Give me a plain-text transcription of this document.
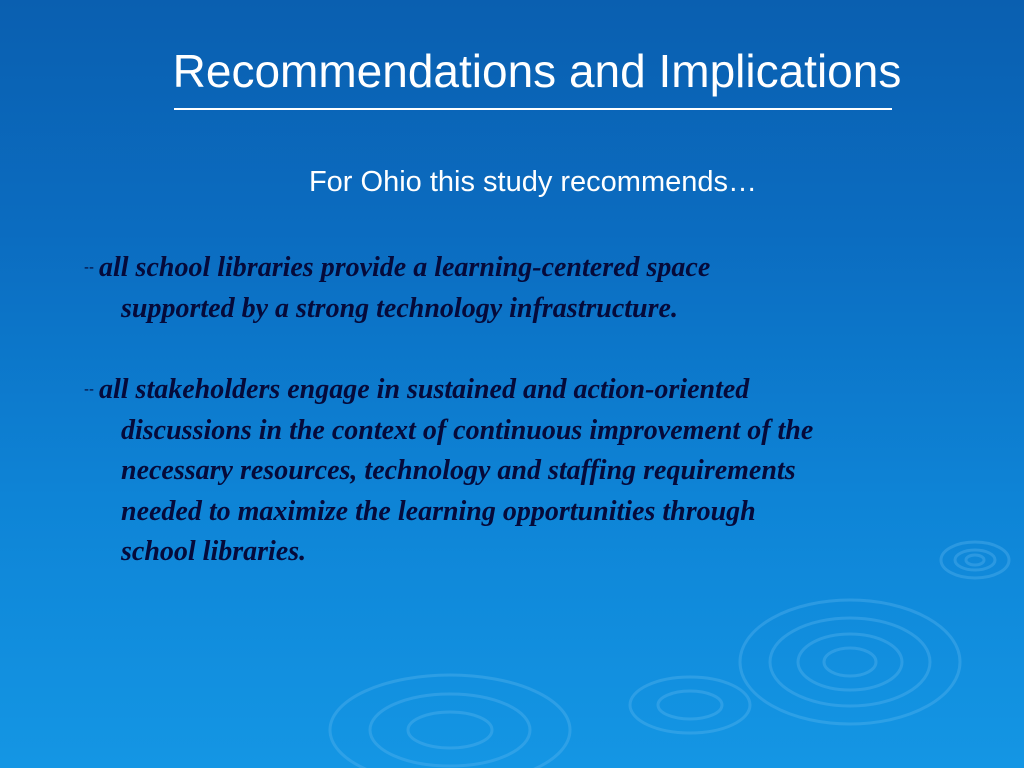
Recommendations and Implications
For Ohio this study recommends…
-- all school libraries provide a learning-centered space
supported by a strong technology infrastructure.
-- all stakeholders engage in sustained and action-oriented
discussions in the context of continuous improvement of the
necessary resources, technology and staffing requirements
needed to maximize the learning opportunities through
school libraries.
